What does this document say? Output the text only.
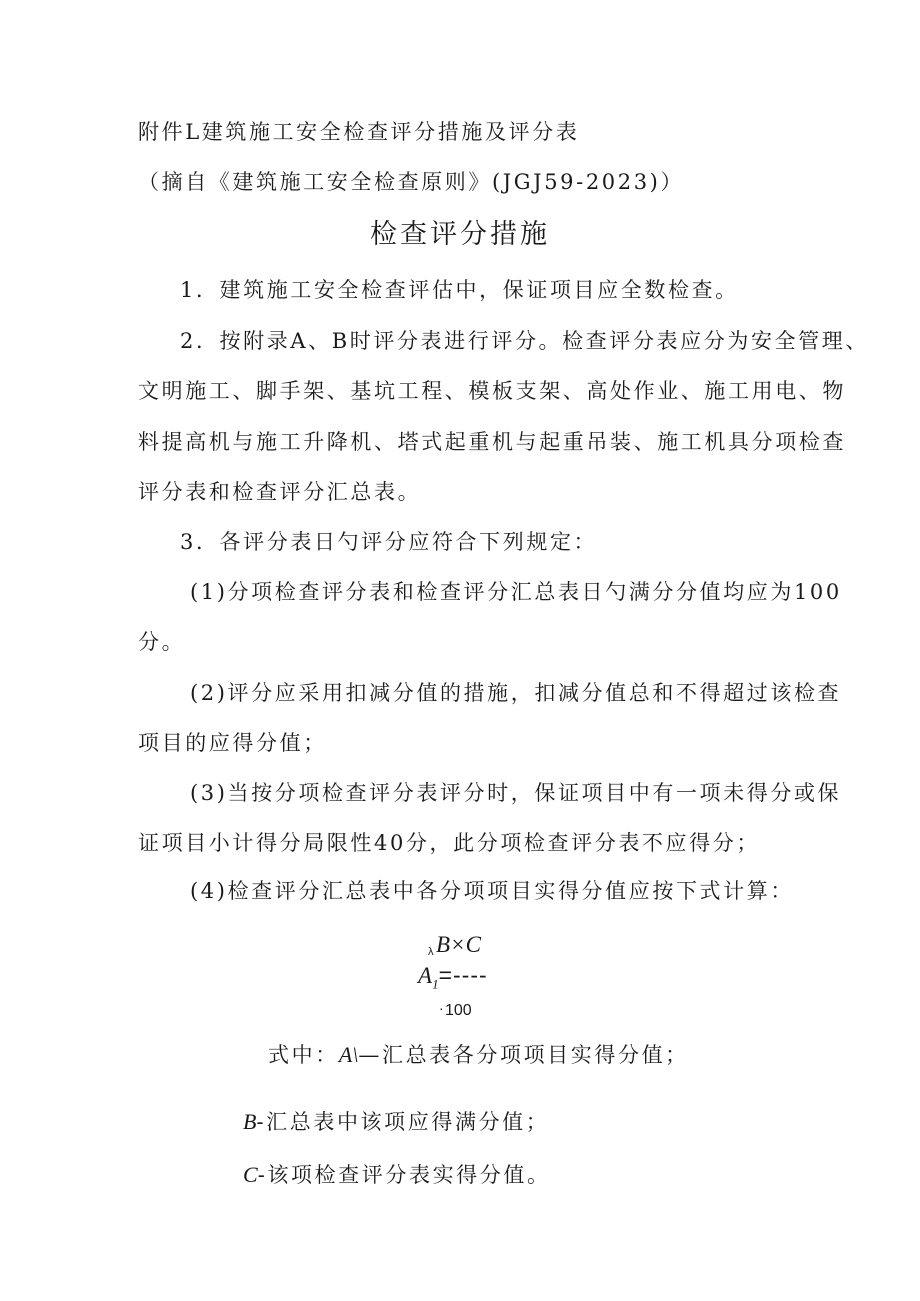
附件L建筑施工安全检查评分措施及评分表
（摘自《建筑施工安全检查原则》(JGJ59-2023)）
检查评分措施
1．建筑施工安全检查评估中，保证项目应全数检查。
2．按附录A、B时评分表进行评分。检查评分表应分为安全管理、
文明施工、脚手架、基坑工程、模板支架、高处作业、施工用电、物
料提高机与施工升降机、塔式起重机与起重吊装、施工机具分项检查
评分表和检查评分汇总表。
3．各评分表日勺评分应符合下列规定：
(1)分项检查评分表和检查评分汇总表日勺满分分值均应为100
分。
(2)评分应采用扣减分值的措施，扣减分值总和不得超过该检查
项目的应得分值；
(3)当按分项检查评分表评分时，保证项目中有一项未得分或保
证项目小计得分局限性40分，此分项检查评分表不应得分；
(4)检查评分汇总表中各分项项目实得分值应按下式计算：
λ B×C
$A_1=----$
· 100
式中：A\—汇总表各分项项目实得分值；
B-汇总表中该项应得满分值；
C-该项检查评分表实得分值。
